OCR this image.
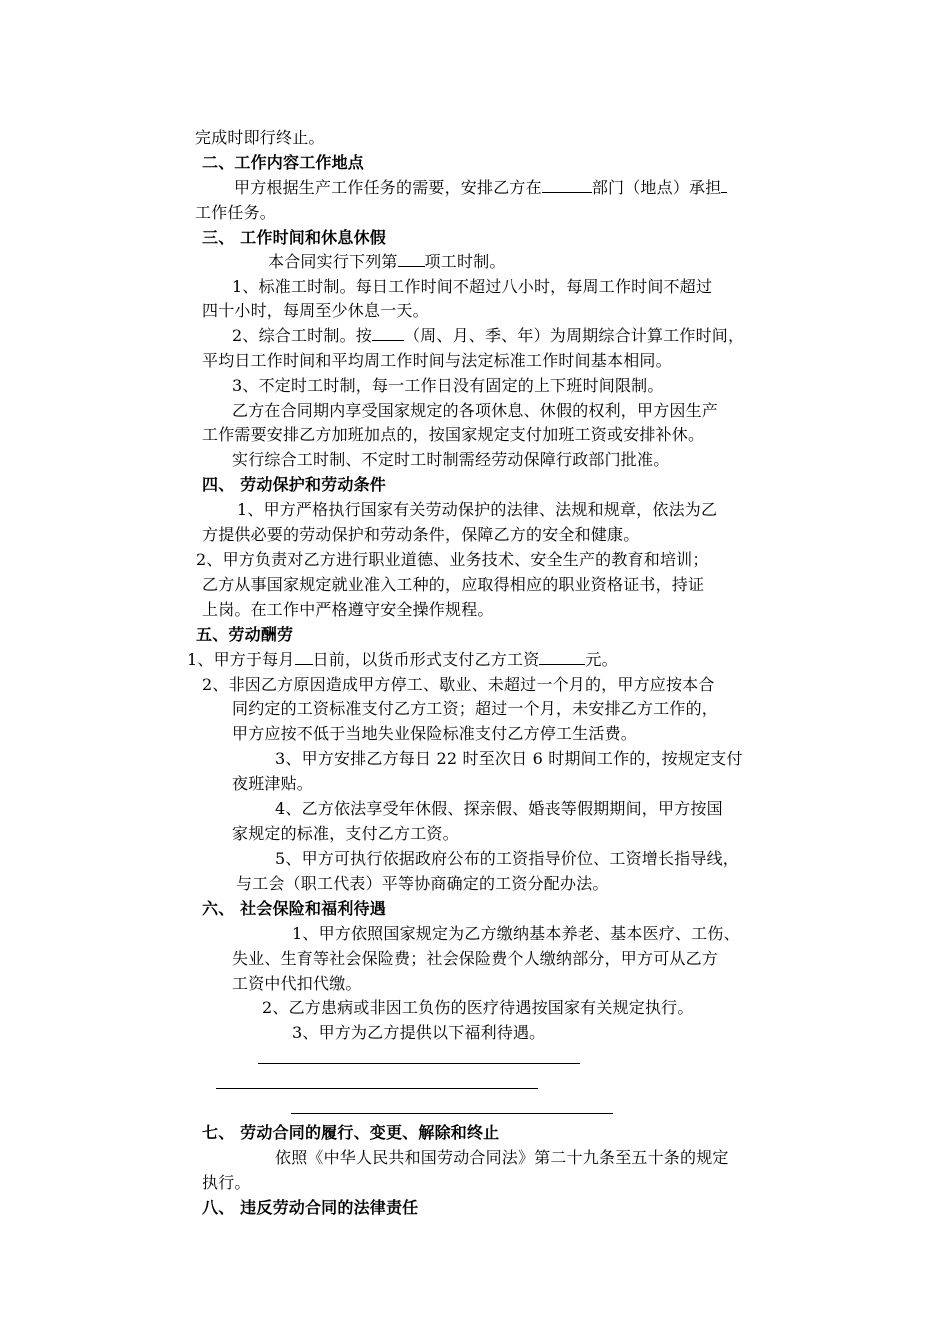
完成时即行终止。
二、工作内容工作地点
甲方根据生产工作任务的需要，安排乙方在	部门（地点）承担
工作任务。
三、 工作时间和休息休假
本合同实行下列第 项工时制。
1、标准工时制。每日工作时间不超过八小时，每周工作时间不超过
四十小时，每周至少休息一天。
2、综合工时制。按 （周、月、季、年）为周期综合计算工作时间，
平均日工作时间和平均周工作时间与法定标准工作时间基本相同。
3、不定时工时制，每一工作日没有固定的上下班时间限制。
乙方在合同期内享受国家规定的各项休息、休假的权利，甲方因生产
工作需要安排乙方加班加点的，按国家规定支付加班工资或安排补休。
实行综合工时制、不定时工时制需经劳动保障行政部门批准。
四、 劳动保护和劳动条件
1、甲方严格执行国家有关劳动保护的法律、法规和规章，依法为乙
方提供必要的劳动保护和劳动条件，保障乙方的安全和健康。
2、甲方负责对乙方进行职业道德、业务技术、安全生产的教育和培训；
乙方从事国家规定就业准入工种的，应取得相应的职业资格证书，持证
上岗。在工作中严格遵守安全操作规程。
五、劳动酬劳
1、甲方于每月 日前，以货币形式支付乙方工资	元。
2、非因乙方原因造成甲方停工、歇业、未超过一个月的，甲方应按本合
同约定的工资标准支付乙方工资；超过一个月，未安排乙方工作的，
甲方应按不低于当地失业保险标准支付乙方停工生活费。
3、甲方安排乙方每日 22 时至次日 6 时期间工作的，按规定支付
夜班津贴。
4、乙方依法享受年休假、探亲假、婚丧等假期期间，甲方按国
家规定的标准，支付乙方工资。
5、甲方可执行依据政府公布的工资指导价位、工资增长指导线，
与工会（职工代表）平等协商确定的工资分配办法。
六、 社会保险和福利待遇
1、甲方依照国家规定为乙方缴纳基本养老、基本医疗、工伤、
失业、生育等社会保险费；社会保险费个人缴纳部分，甲方可从乙方
工资中代扣代缴。
2、乙方患病或非因工负伤的医疗待遇按国家有关规定执行。
3、甲方为乙方提供以下福利待遇。
七、 劳动合同的履行、变更、解除和终止
依照《中华人民共和国劳动合同法》第二十九条至五十条的规定
执行。
八、 违反劳动合同的法律责任
